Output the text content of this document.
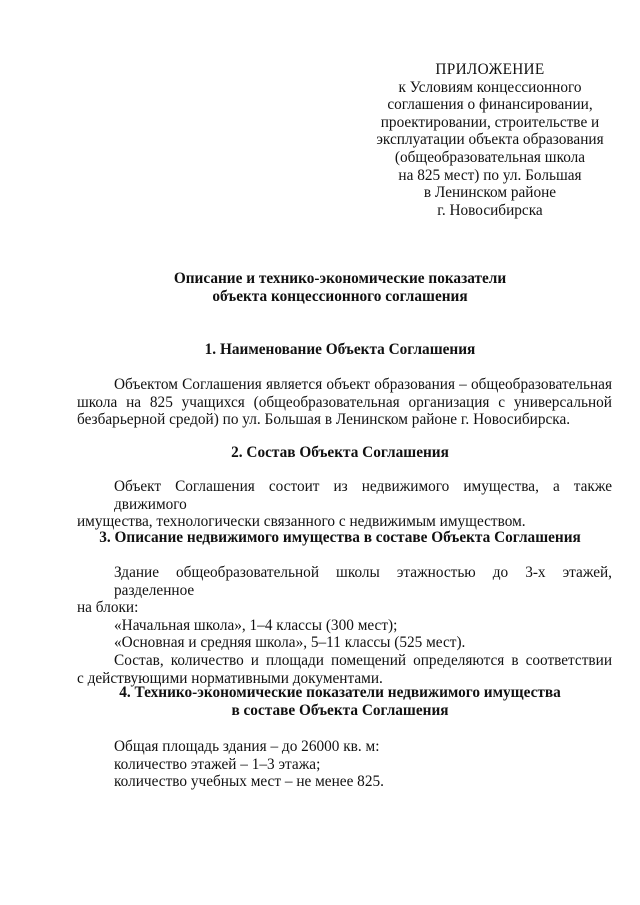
ПРИЛОЖЕНИЕ
к Условиям концессионного
соглашения о финансировании,
проектировании, строительстве и
эксплуатации объекта образования
(общеобразовательная школа
на 825 мест) по ул. Большая
в Ленинском районе
г. Новосибирска
Описание и технико-экономические показатели
объекта концессионного соглашения
1. Наименование Объекта Соглашения
Объектом Соглашения является объект образования – общеобразовательная
школа на 825 учащихся (общеобразовательная организация с универсальной
безбарьерной средой) по ул. Большая в Ленинском районе г. Новосибирска.
2. Состав Объекта Соглашения
Объект Соглашения состоит из недвижимого имущества, а также движимого
имущества, технологически связанного с недвижимым имуществом.
3. Описание недвижимого имущества в составе Объекта Соглашения
Здание общеобразовательной школы этажностью до 3-х этажей, разделенное
на блоки:
«Начальная школа», 1–4 классы (300 мест);
«Основная и средняя школа», 5–11 классы (525 мест).
Состав, количество и площади помещений определяются в соответствии
с действующими нормативными документами.
4. Технико-экономические показатели недвижимого имущества
в составе Объекта Соглашения
Общая площадь здания – до 26000 кв. м:
количество этажей – 1–3 этажа;
количество учебных мест – не менее 825.
